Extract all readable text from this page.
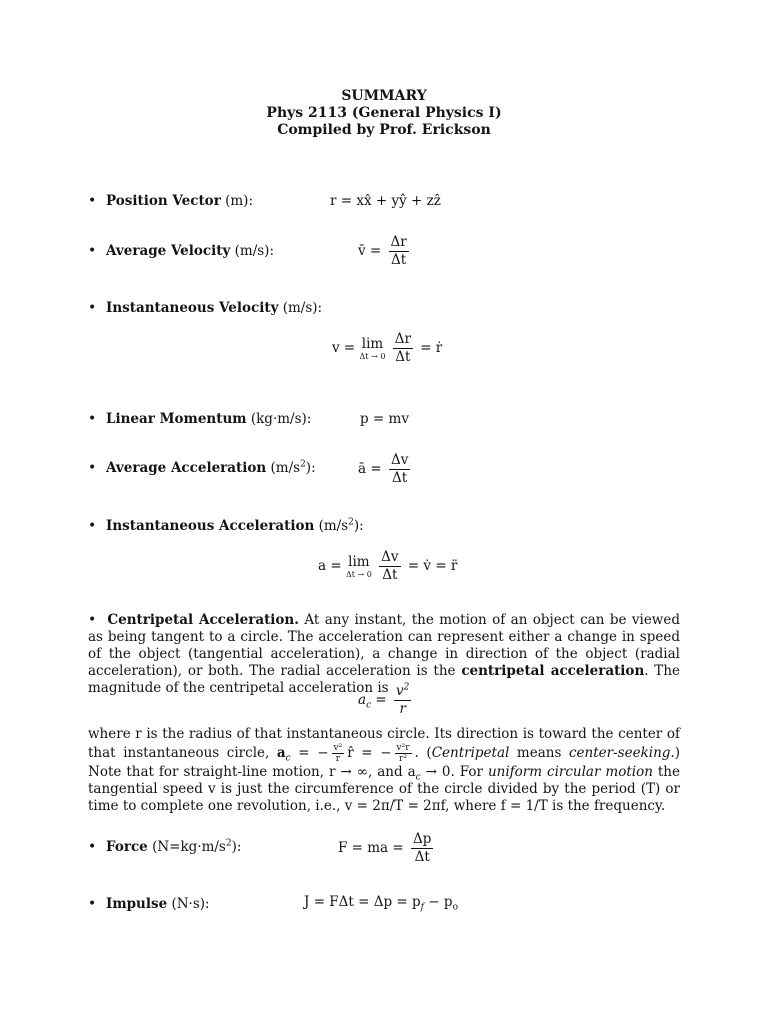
SUMMARY
Phys 2113 (General Physics I)
Compiled by Prof. Erickson
• Position Vector (m):	r = xx̂ + yŷ + zẑ
• Average Velocity (m/s):	v̄ = $\frac{\Delta r}{\Delta t}$
• Instantaneous Velocity (m/s):
v = lim
Δt → 0
$\frac{\Delta r}{\Delta t}$ = ṙ
• Linear Momentum (kg·m/s):	p = mv
• Average Acceleration $(m/s^2)$:	ā = $\frac{\Delta v}{\Delta t}$
• Instantaneous Acceleration $(m/s^2)$:
a = lim
Δt → 0
$\frac{\Delta v}{\Delta t}$ = v̇ = r̈
• Centripetal Acceleration. At any instant, the motion of an object can be viewed as being tangent to a circle. The acceleration can represent either a change in speed of the object (tangential acceleration), a change in direction of the object (radial acceleration), or both. The radial acceleration is the centripetal acceleration. The magnitude of the centripetal acceleration is
$a_c = \frac{v^2}{r}$
where r is the radius of that instantaneous circle. Its direction is toward the center of that instantaneous circle, $a_c$ = − $\frac{\text{v²}}{r}$ r̂ = − $\frac{\text{v²r}}{\text{r²}}$ . (Centripetal means center-seeking.) Note that for straight-line motion, r → ∞, and $a_c \to 0$. For uniform circular motion the tangential speed v is just the circumference of the circle divided by the period (T) or time to complete one revolution, i.e., v = 2π/T = 2πf, where f = 1/T is the frequency.
• Force $(N=kg\cdot m/s^2)$:	F = ma = $\frac{\Delta p}{\Delta t}$
• Impulse (N·s):	$J = F\Delta t = \Delta p = p_f - p_o$
